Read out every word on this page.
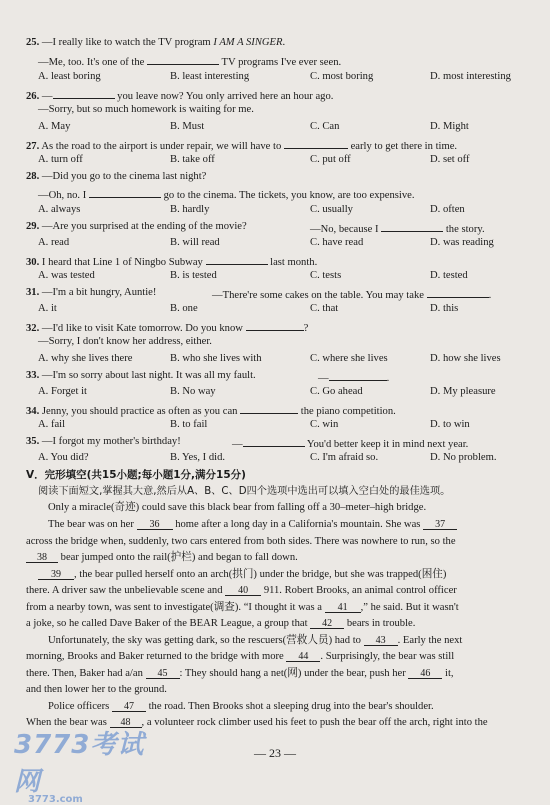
25. —I really like to watch the TV program I AM A SINGER.
—Me, too. It's one of the	TV programs I've ever seen.
A. least boring	B. least interesting	C. most boring	D. most interesting
26. —	you leave now? You only arrived here an hour ago.
—Sorry, but so much homework is waiting for me.
A. May	B. Must	C. Can	D. Might
27. As the road to the airport is under repair, we will have to	early to get there in time.
A. turn off	B. take off	C. put off	D. set off
28. —Did you go to the cinema last night?
—Oh, no. I	go to the cinema. The tickets, you know, are too expensive.
A. always	B. hardly	C. usually	D. often
29. —Are you surprised at the ending of the movie?	—No, because I	the story.
A. read	B. will read	C. have read	D. was reading
30. I heard that Line 1 of Ningbo Subway	last month.
A. was tested	B. is tested	C. tests	D. tested
31. —I'm a bit hungry, Auntie!	—There're some cakes on the table. You may take	.
A. it	B. one	C. that	D. this
32. —I'd like to visit Kate tomorrow. Do you know	?
—Sorry, I don't know her address, either.
A. why she lives there	B. who she lives with	C. where she lives	D. how she lives
33. —I'm so sorry about last night. It was all my fault.	—	.
A. Forget it	B. No way	C. Go ahead	D. My pleasure
34. Jenny, you should practice as often as you can	the piano competition.
A. fail	B. to fail	C. win	D. to win
35. —I forgot my mother's birthday!	—	You'd better keep it in mind next year.
A. You did?	B. Yes, I did.	C. I'm afraid so.	D. No problem.
V．完形填空(共15小题;每小题1分,满分15分)
阅读下面短文,掌握其大意,然后从A、B、C、D四个选项中选出可以填入空白处的最佳选项。
Only a miracle(奇迹) could save this black bear from falling off a 30–meter–high bridge.
The bear was on her 36 home after a long day in a California's mountain. She was 37
across the bridge when, suddenly, two cars entered from both sides. There was nowhere to run, so the
38 bear jumped onto the rail(护栏) and began to fall down.
39 , the bear pulled herself onto an arch(拱门) under the bridge, but she was trapped(困住)
there. A driver saw the unbelievable scene and 40 911. Robert Brooks, an animal control officer
from a nearby town, was sent to investigate(调查). “I thought it was a 41 ,” he said. But it wasn't
a joke, so he called Dave Baker of the BEAR League, a group that 42 bears in trouble.
Unfortunately, the sky was getting dark, so the rescuers(营救人员) had to 43 . Early the next
morning, Brooks and Baker returned to the bridge with more 44 . Surprisingly, the bear was still
there. Then, Baker had a/an 45 : They should hang a net(网) under the bear, push her 46 it,
and then lower her to the ground.
Police officers 47 the road. Then Brooks shot a sleeping drug into the bear's shoulder.
When the bear was 48 , a volunteer rock climber used his feet to push the bear off the arch, right into the
— 23 —
3773考试网
3773.com
